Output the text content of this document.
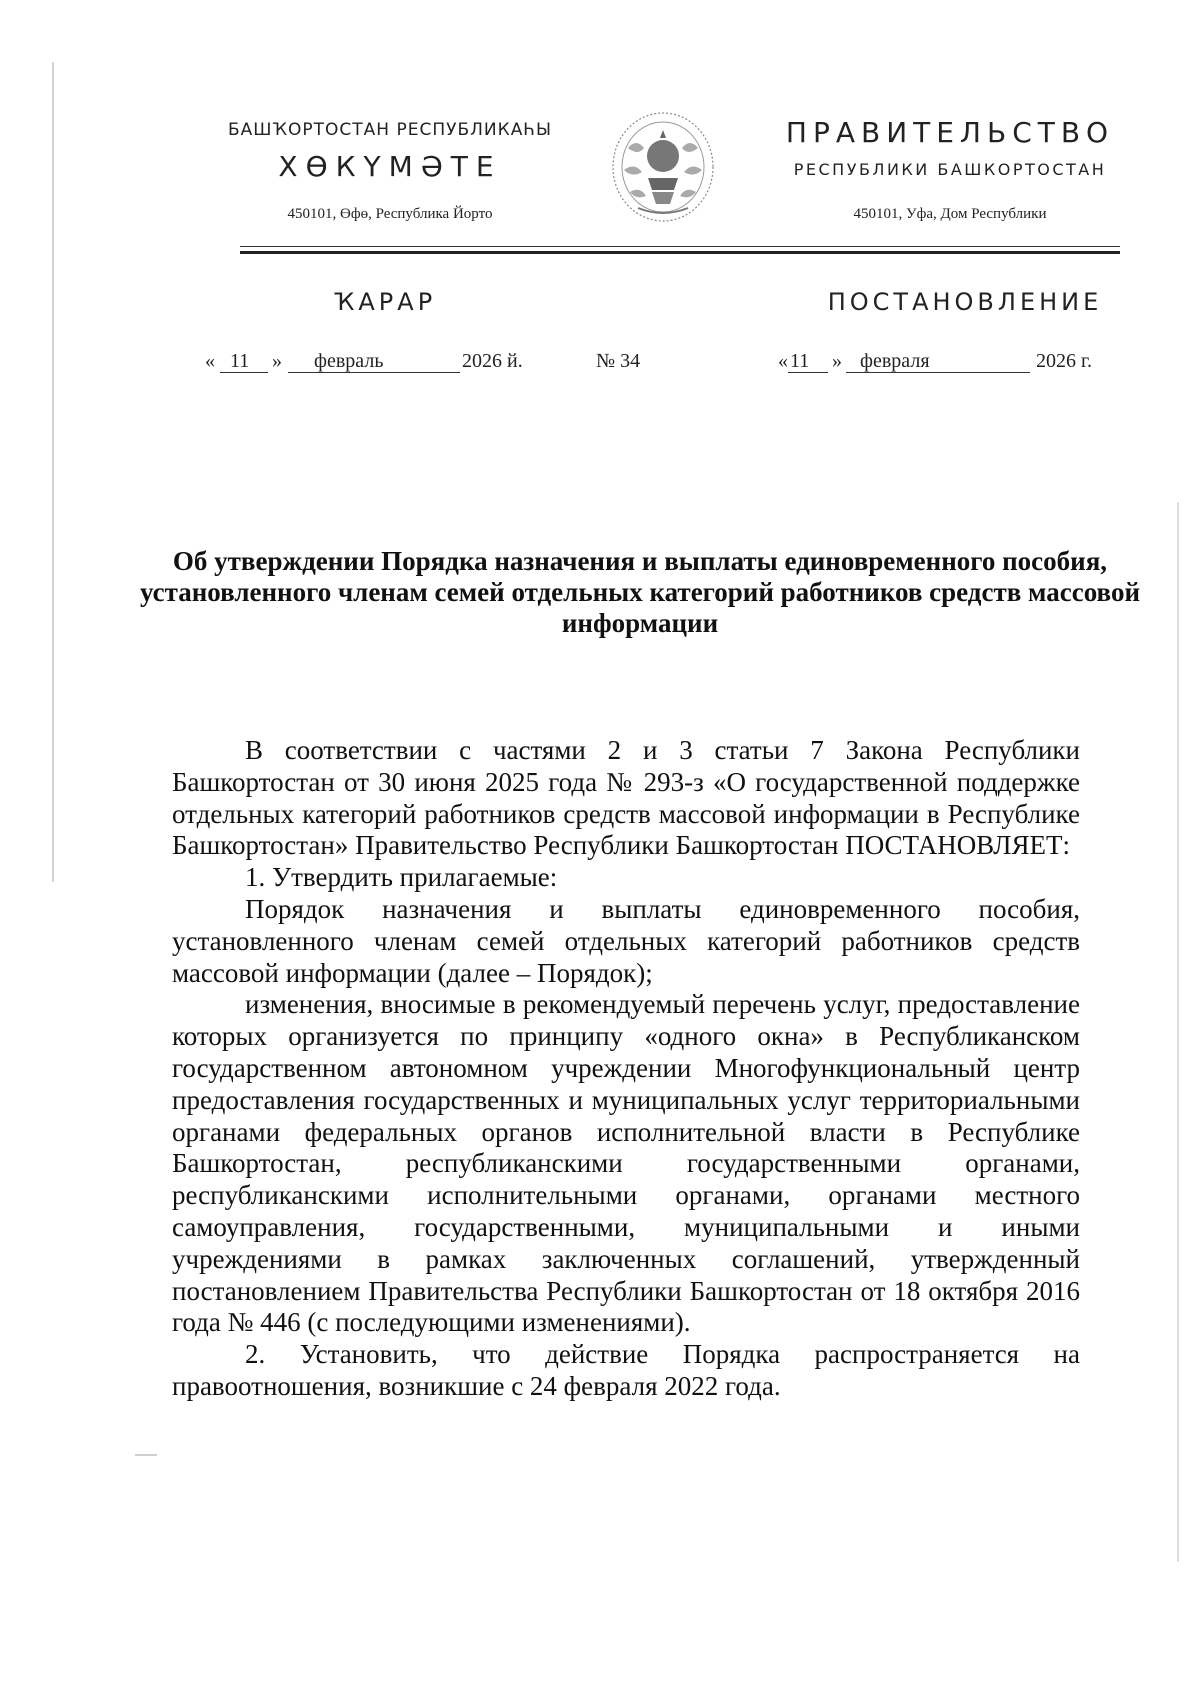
БАШҠОРТОСТАН РЕСПУБЛИКАҺЫ
ХӨКҮМӘТЕ
450101, Өфө, Республика Йорто
ПРАВИТЕЛЬСТВО
РЕСПУБЛИКИ БАШКОРТОСТАН
450101, Уфа, Дом Республики
ҠАРАР	ПОСТАНОВЛЕНИЕ
« 11 » февраль	2026 й.	№ 34	« 11 » февраля	2026 г.
Об утверждении Порядка назначения и выплаты единовременного пособия, установленного членам семей отдельных категорий работников средств массовой информации

В соответствии с частями 2 и 3 статьи 7 Закона Республики Башкортостан от 30 июня 2025 года № 293-з «О государственной поддержке отдельных категорий работников средств массовой информации в Республике Башкортостан» Правительство Республики Башкортостан ПОСТАНОВЛЯЕТ:

1. Утвердить прилагаемые:

Порядок назначения и выплаты единовременного пособия, установленного членам семей отдельных категорий работников средств массовой информации (далее – Порядок);

изменения, вносимые в рекомендуемый перечень услуг, предоставление которых организуется по принципу «одного окна» в Республиканском государственном автономном учреждении Многофункциональный центр предоставления государственных и муниципальных услуг территориальными органами федеральных органов исполнительной власти в Республике Башкортостан, республиканскими государственными органами, республиканскими исполнительными органами, органами местного самоуправления, государственными, муниципальными и иными учреждениями в рамках заключенных соглашений, утвержденный постановлением Правительства Республики Башкортостан от 18 октября 2016 года № 446 (с последующими изменениями).

2. Установить, что действие Порядка распространяется на правоотношения, возникшие с 24 февраля 2022 года.
